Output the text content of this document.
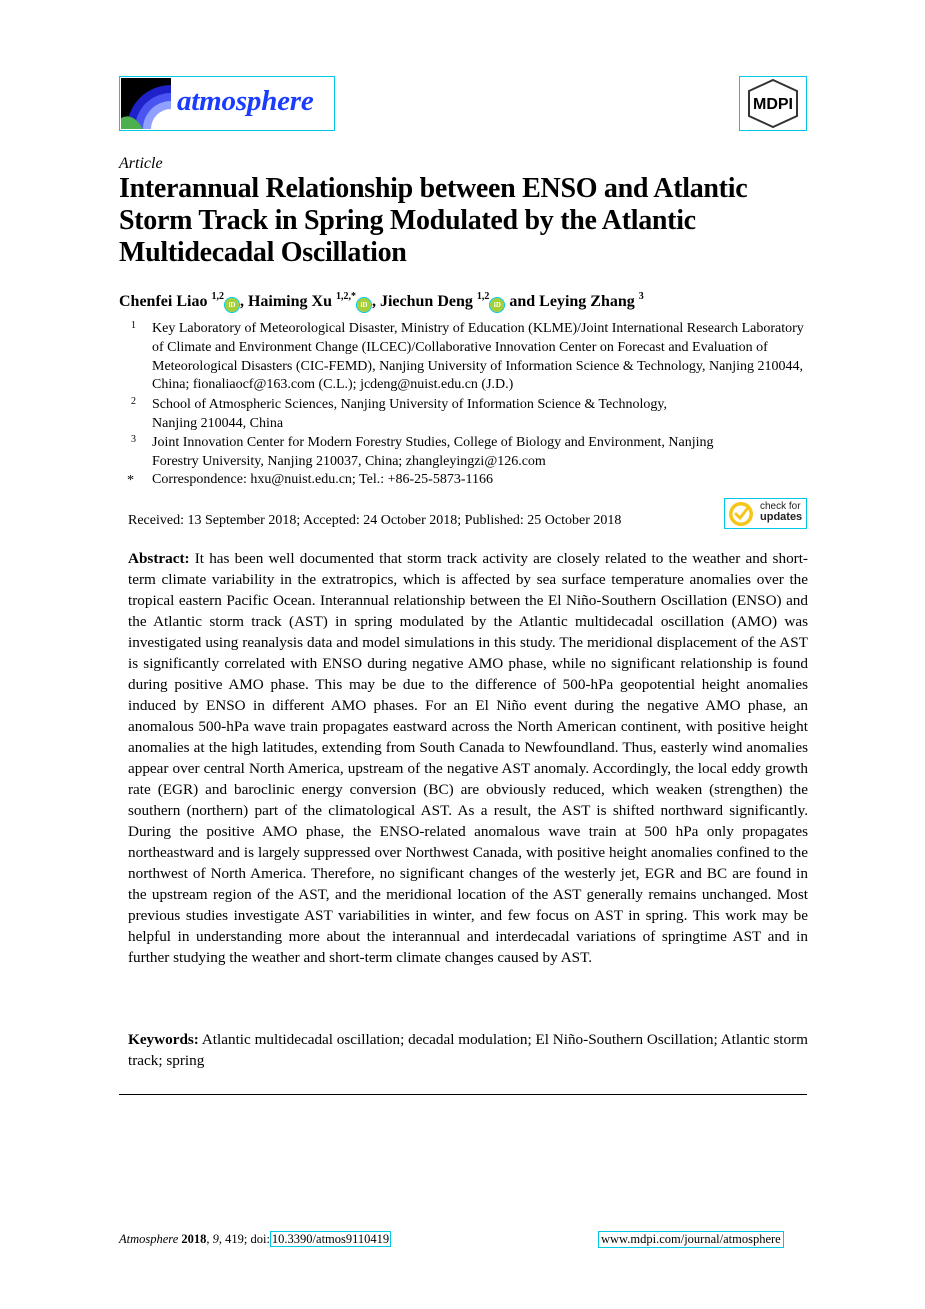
atmosphere	MDPI
Article
Interannual Relationship between ENSO and Atlantic Storm Track in Spring Modulated by the Atlantic Multidecadal Oscillation
Chenfei Liao $^{1,2}$iD , Haiming Xu $^{1,2,*}$iD , Jiechun Deng $^{1,2}$iD and Leying Zhang $^3$
1 Key Laboratory of Meteorological Disaster, Ministry of Education (KLME)/Joint International Research Laboratory of Climate and Environment Change (ILCEC)/Collaborative Innovation Center on Forecast and Evaluation of Meteorological Disasters (CIC-FEMD), Nanjing University of Information Science & Technology, Nanjing 210044, China; fionaliaocf@163.com (C.L.); jcdeng@nuist.edu.cn (J.D.)
2 School of Atmospheric Sciences, Nanjing University of Information Science & Technology, Nanjing 210044, China
3 Joint Innovation Center for Modern Forestry Studies, College of Biology and Environment, Nanjing Forestry University, Nanjing 210037, China; zhangleyingzi@126.com
* Correspondence: hxu@nuist.edu.cn; Tel.: +86-25-5873-1166
Received: 13 September 2018; Accepted: 24 October 2018; Published: 25 October 2018
check for
updates
Abstract: It has been well documented that storm track activity are closely related to the weather and short-term climate variability in the extratropics, which is affected by sea surface temperature anomalies over the tropical eastern Pacific Ocean. Interannual relationship between the El Niño-Southern Oscillation (ENSO) and the Atlantic storm track (AST) in spring modulated by the Atlantic multidecadal oscillation (AMO) was investigated using reanalysis data and model simulations in this study. The meridional displacement of the AST is significantly correlated with ENSO during negative AMO phase, while no significant relationship is found during positive AMO phase. This may be due to the difference of 500-hPa geopotential height anomalies induced by ENSO in different AMO phases. For an El Niño event during the negative AMO phase, an anomalous 500-hPa wave train propagates eastward across the North American continent, with positive height anomalies at the high latitudes, extending from South Canada to Newfoundland. Thus, easterly wind anomalies appear over central North America, upstream of the negative AST anomaly. Accordingly, the local eddy growth rate (EGR) and baroclinic energy conversion (BC) are obviously reduced, which weaken (strengthen) the southern (northern) part of the climatological AST. As a result, the AST is shifted northward significantly. During the positive AMO phase, the ENSO-related anomalous wave train at 500 hPa only propagates northeastward and is largely suppressed over Northwest Canada, with positive height anomalies confined to the northwest of North America. Therefore, no significant changes of the westerly jet, EGR and BC are found in the upstream region of the AST, and the meridional location of the AST generally remains unchanged. Most previous studies investigate AST variabilities in winter, and few focus on AST in spring. This work may be helpful in understanding more about the interannual and interdecadal variations of springtime AST and in further studying the weather and short-term climate changes caused by AST.
Keywords: Atlantic multidecadal oscillation; decadal modulation; El Niño-Southern Oscillation; Atlantic storm track; spring
Atmosphere 2018, 9, 419; doi: 10.3390/atmos9110419	www.mdpi.com/journal/atmosphere
